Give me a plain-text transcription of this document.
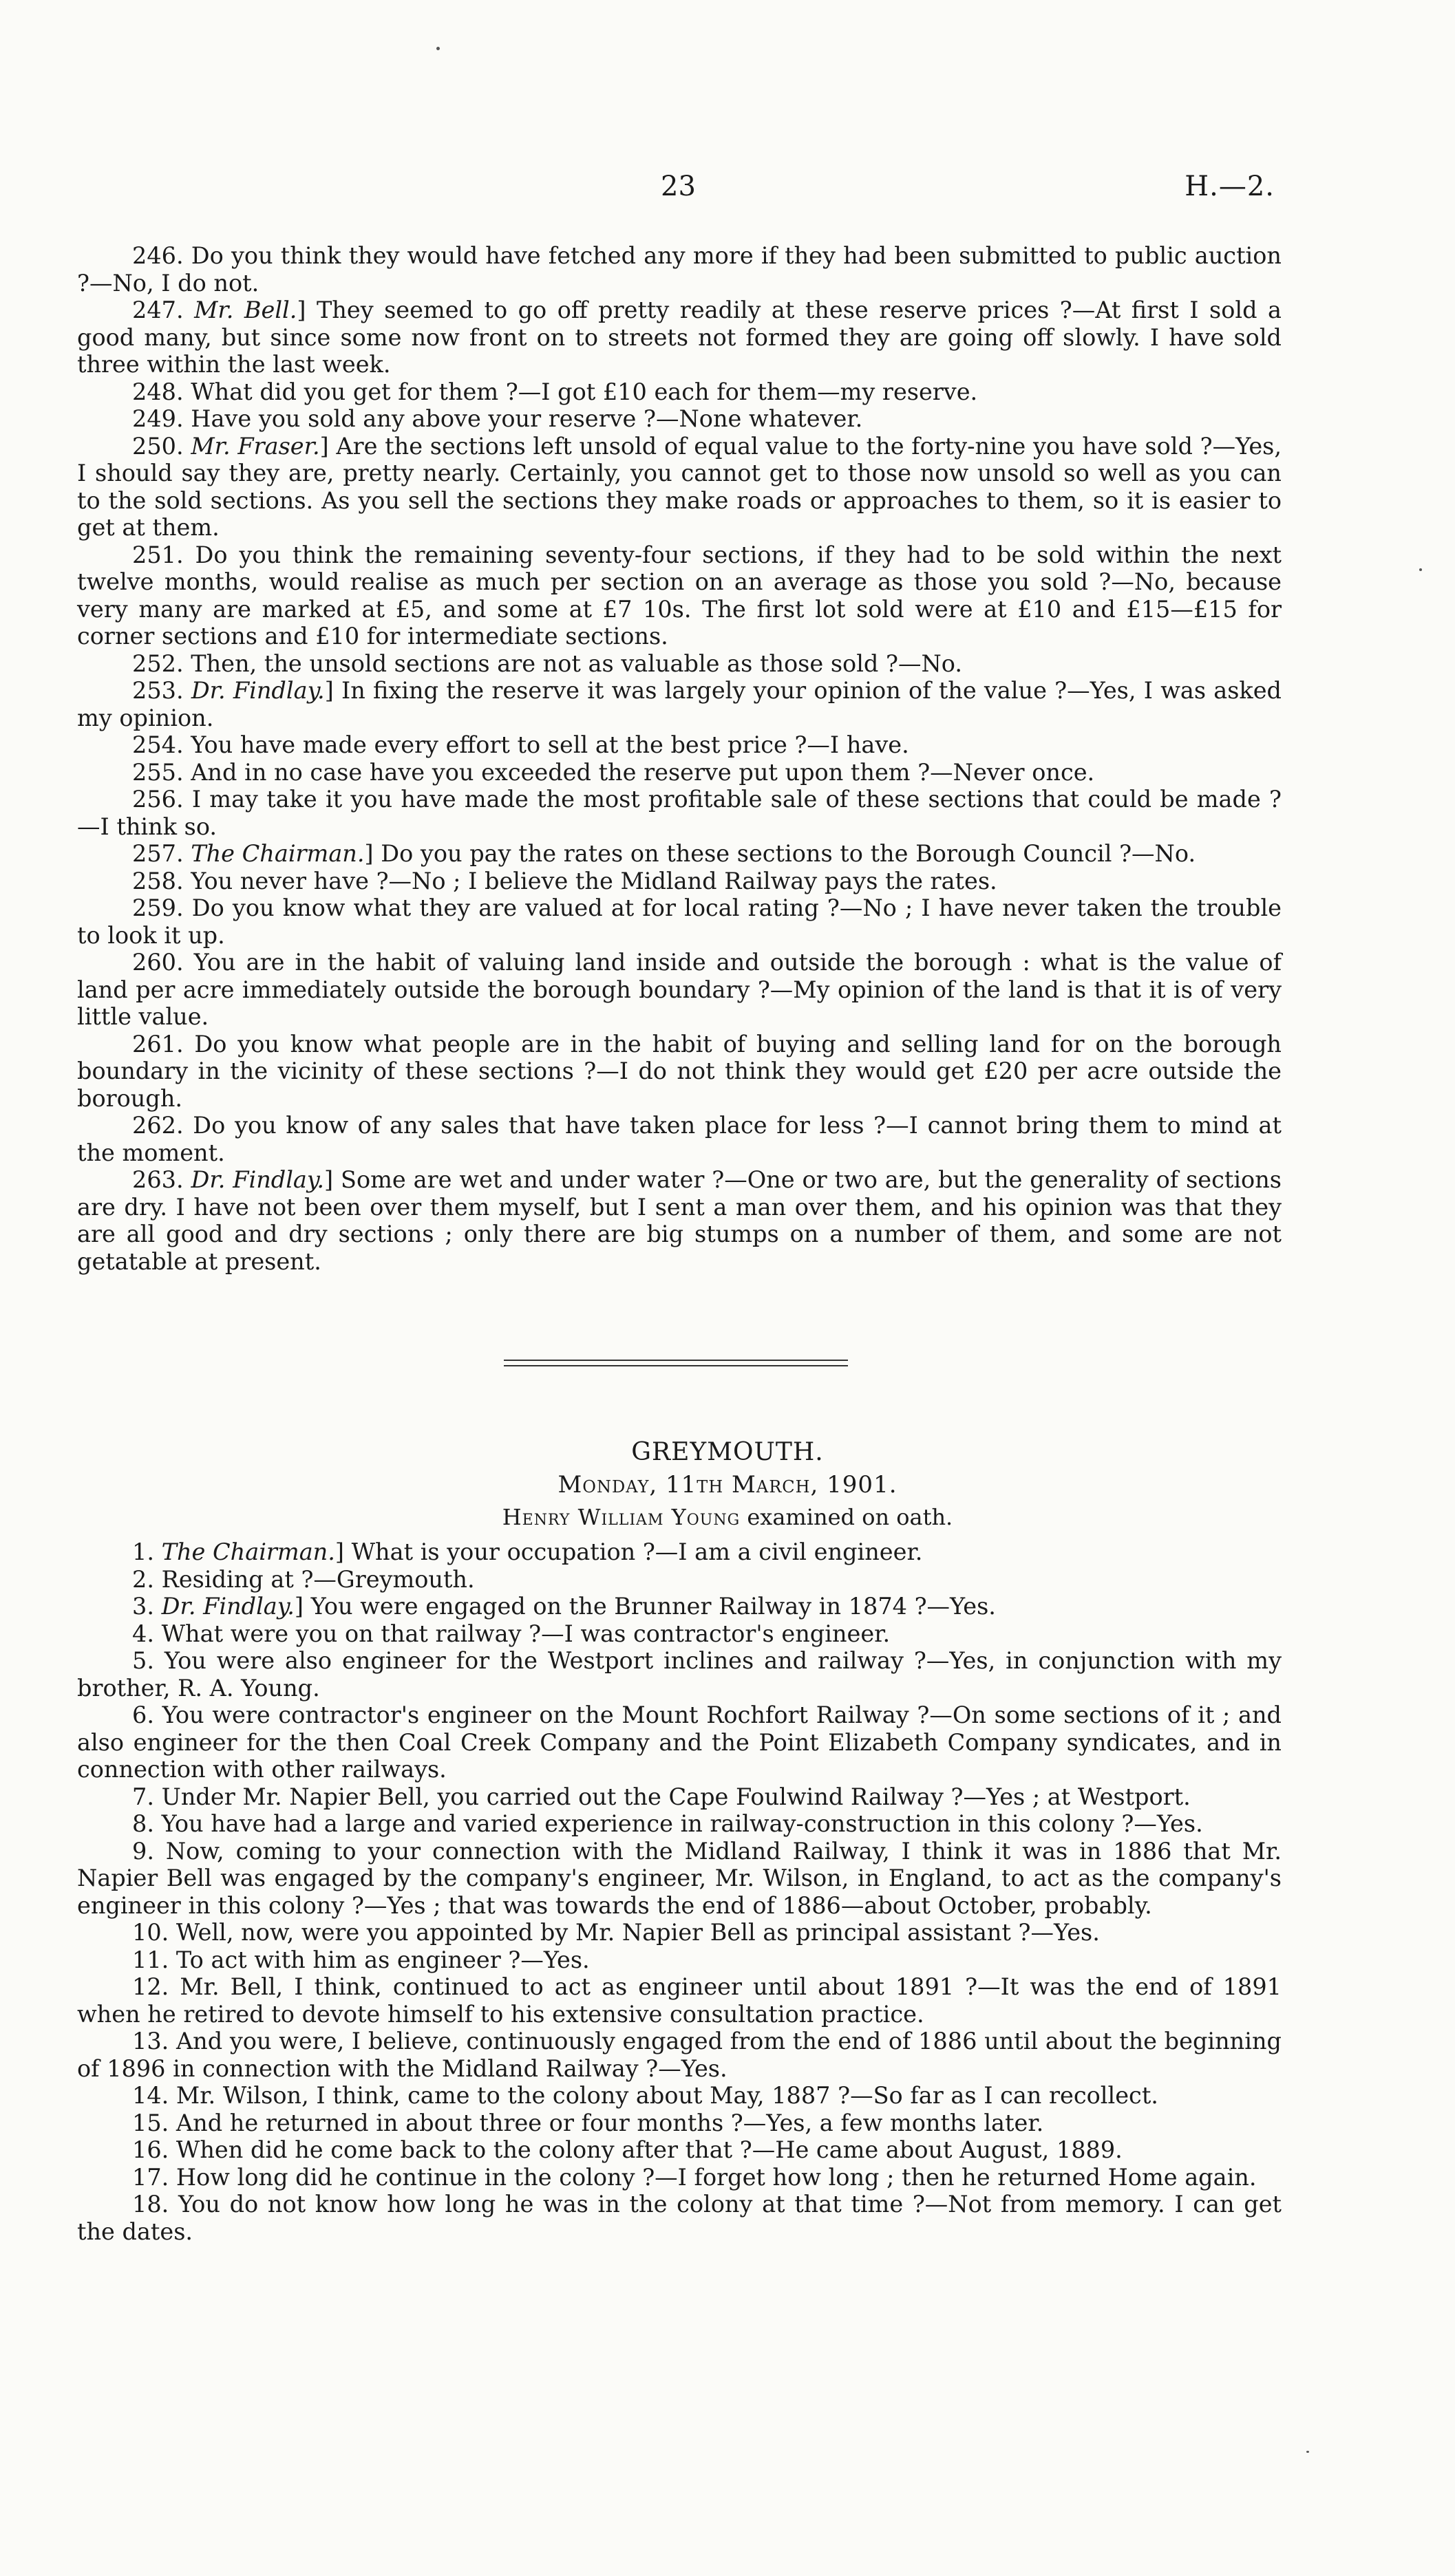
23	H.—2.

246. Do you think they would have fetched any more if they had been submitted to public auction ?—No, I do not.

247. Mr. Bell.] They seemed to go off pretty readily at these reserve prices ?—At first I sold a good many, but since some now front on to streets not formed they are going off slowly. I have sold three within the last week.

248. What did you get for them ?—I got £10 each for them—my reserve.

249. Have you sold any above your reserve ?—None whatever.

250. Mr. Fraser.] Are the sections left unsold of equal value to the forty-nine you have sold ?—Yes, I should say they are, pretty nearly. Certainly, you cannot get to those now unsold so well as you can to the sold sections. As you sell the sections they make roads or approaches to them, so it is easier to get at them.

251. Do you think the remaining seventy-four sections, if they had to be sold within the next twelve months, would realise as much per section on an average as those you sold ?—No, because very many are marked at £5, and some at £7 10s. The first lot sold were at £10 and £15—£15 for corner sections and £10 for intermediate sections.

252. Then, the unsold sections are not as valuable as those sold ?—No.

253. Dr. Findlay.] In fixing the reserve it was largely your opinion of the value ?—Yes, I was asked my opinion.

254. You have made every effort to sell at the best price ?—I have.

255. And in no case have you exceeded the reserve put upon them ?—Never once.

256. I may take it you have made the most profitable sale of these sections that could be made ?—I think so.

257. The Chairman.] Do you pay the rates on these sections to the Borough Council ?—No.

258. You never have ?—No ; I believe the Midland Railway pays the rates.

259. Do you know what they are valued at for local rating ?—No ; I have never taken the trouble to look it up.

260. You are in the habit of valuing land inside and outside the borough : what is the value of land per acre immediately outside the borough boundary ?—My opinion of the land is that it is of very little value.

261. Do you know what people are in the habit of buying and selling land for on the borough boundary in the vicinity of these sections ?—I do not think they would get £20 per acre outside the borough.

262. Do you know of any sales that have taken place for less ?—I cannot bring them to mind at the moment.

263. Dr. Findlay.] Some are wet and under water ?—One or two are, but the generality of sections are dry. I have not been over them myself, but I sent a man over them, and his opinion was that they are all good and dry sections ; only there are big stumps on a number of them, and some are not getatable at present.

GREYMOUTH.
Monday, 11th March, 1901.
Henry William Young examined on oath.

1. The Chairman.] What is your occupation ?—I am a civil engineer.

2. Residing at ?—Greymouth.

3. Dr. Findlay.] You were engaged on the Brunner Railway in 1874 ?—Yes.

4. What were you on that railway ?—I was contractor's engineer.

5. You were also engineer for the Westport inclines and railway ?—Yes, in conjunction with my brother, R. A. Young.

6. You were contractor's engineer on the Mount Rochfort Railway ?—On some sections of it ; and also engineer for the then Coal Creek Company and the Point Elizabeth Company syndicates, and in connection with other railways.

7. Under Mr. Napier Bell, you carried out the Cape Foulwind Railway ?—Yes ; at Westport.

8. You have had a large and varied experience in railway-construction in this colony ?—Yes.

9. Now, coming to your connection with the Midland Railway, I think it was in 1886 that Mr. Napier Bell was engaged by the company's engineer, Mr. Wilson, in England, to act as the company's engineer in this colony ?—Yes ; that was towards the end of 1886—about October, probably.

10. Well, now, were you appointed by Mr. Napier Bell as principal assistant ?—Yes.

11. To act with him as engineer ?—Yes.

12. Mr. Bell, I think, continued to act as engineer until about 1891 ?—It was the end of 1891 when he retired to devote himself to his extensive consultation practice.

13. And you were, I believe, continuously engaged from the end of 1886 until about the beginning of 1896 in connection with the Midland Railway ?—Yes.

14. Mr. Wilson, I think, came to the colony about May, 1887 ?—So far as I can recollect.

15. And he returned in about three or four months ?—Yes, a few months later.

16. When did he come back to the colony after that ?—He came about August, 1889.

17. How long did he continue in the colony ?—I forget how long ; then he returned Home again.

18. You do not know how long he was in the colony at that time ?—Not from memory. I can get the dates.
